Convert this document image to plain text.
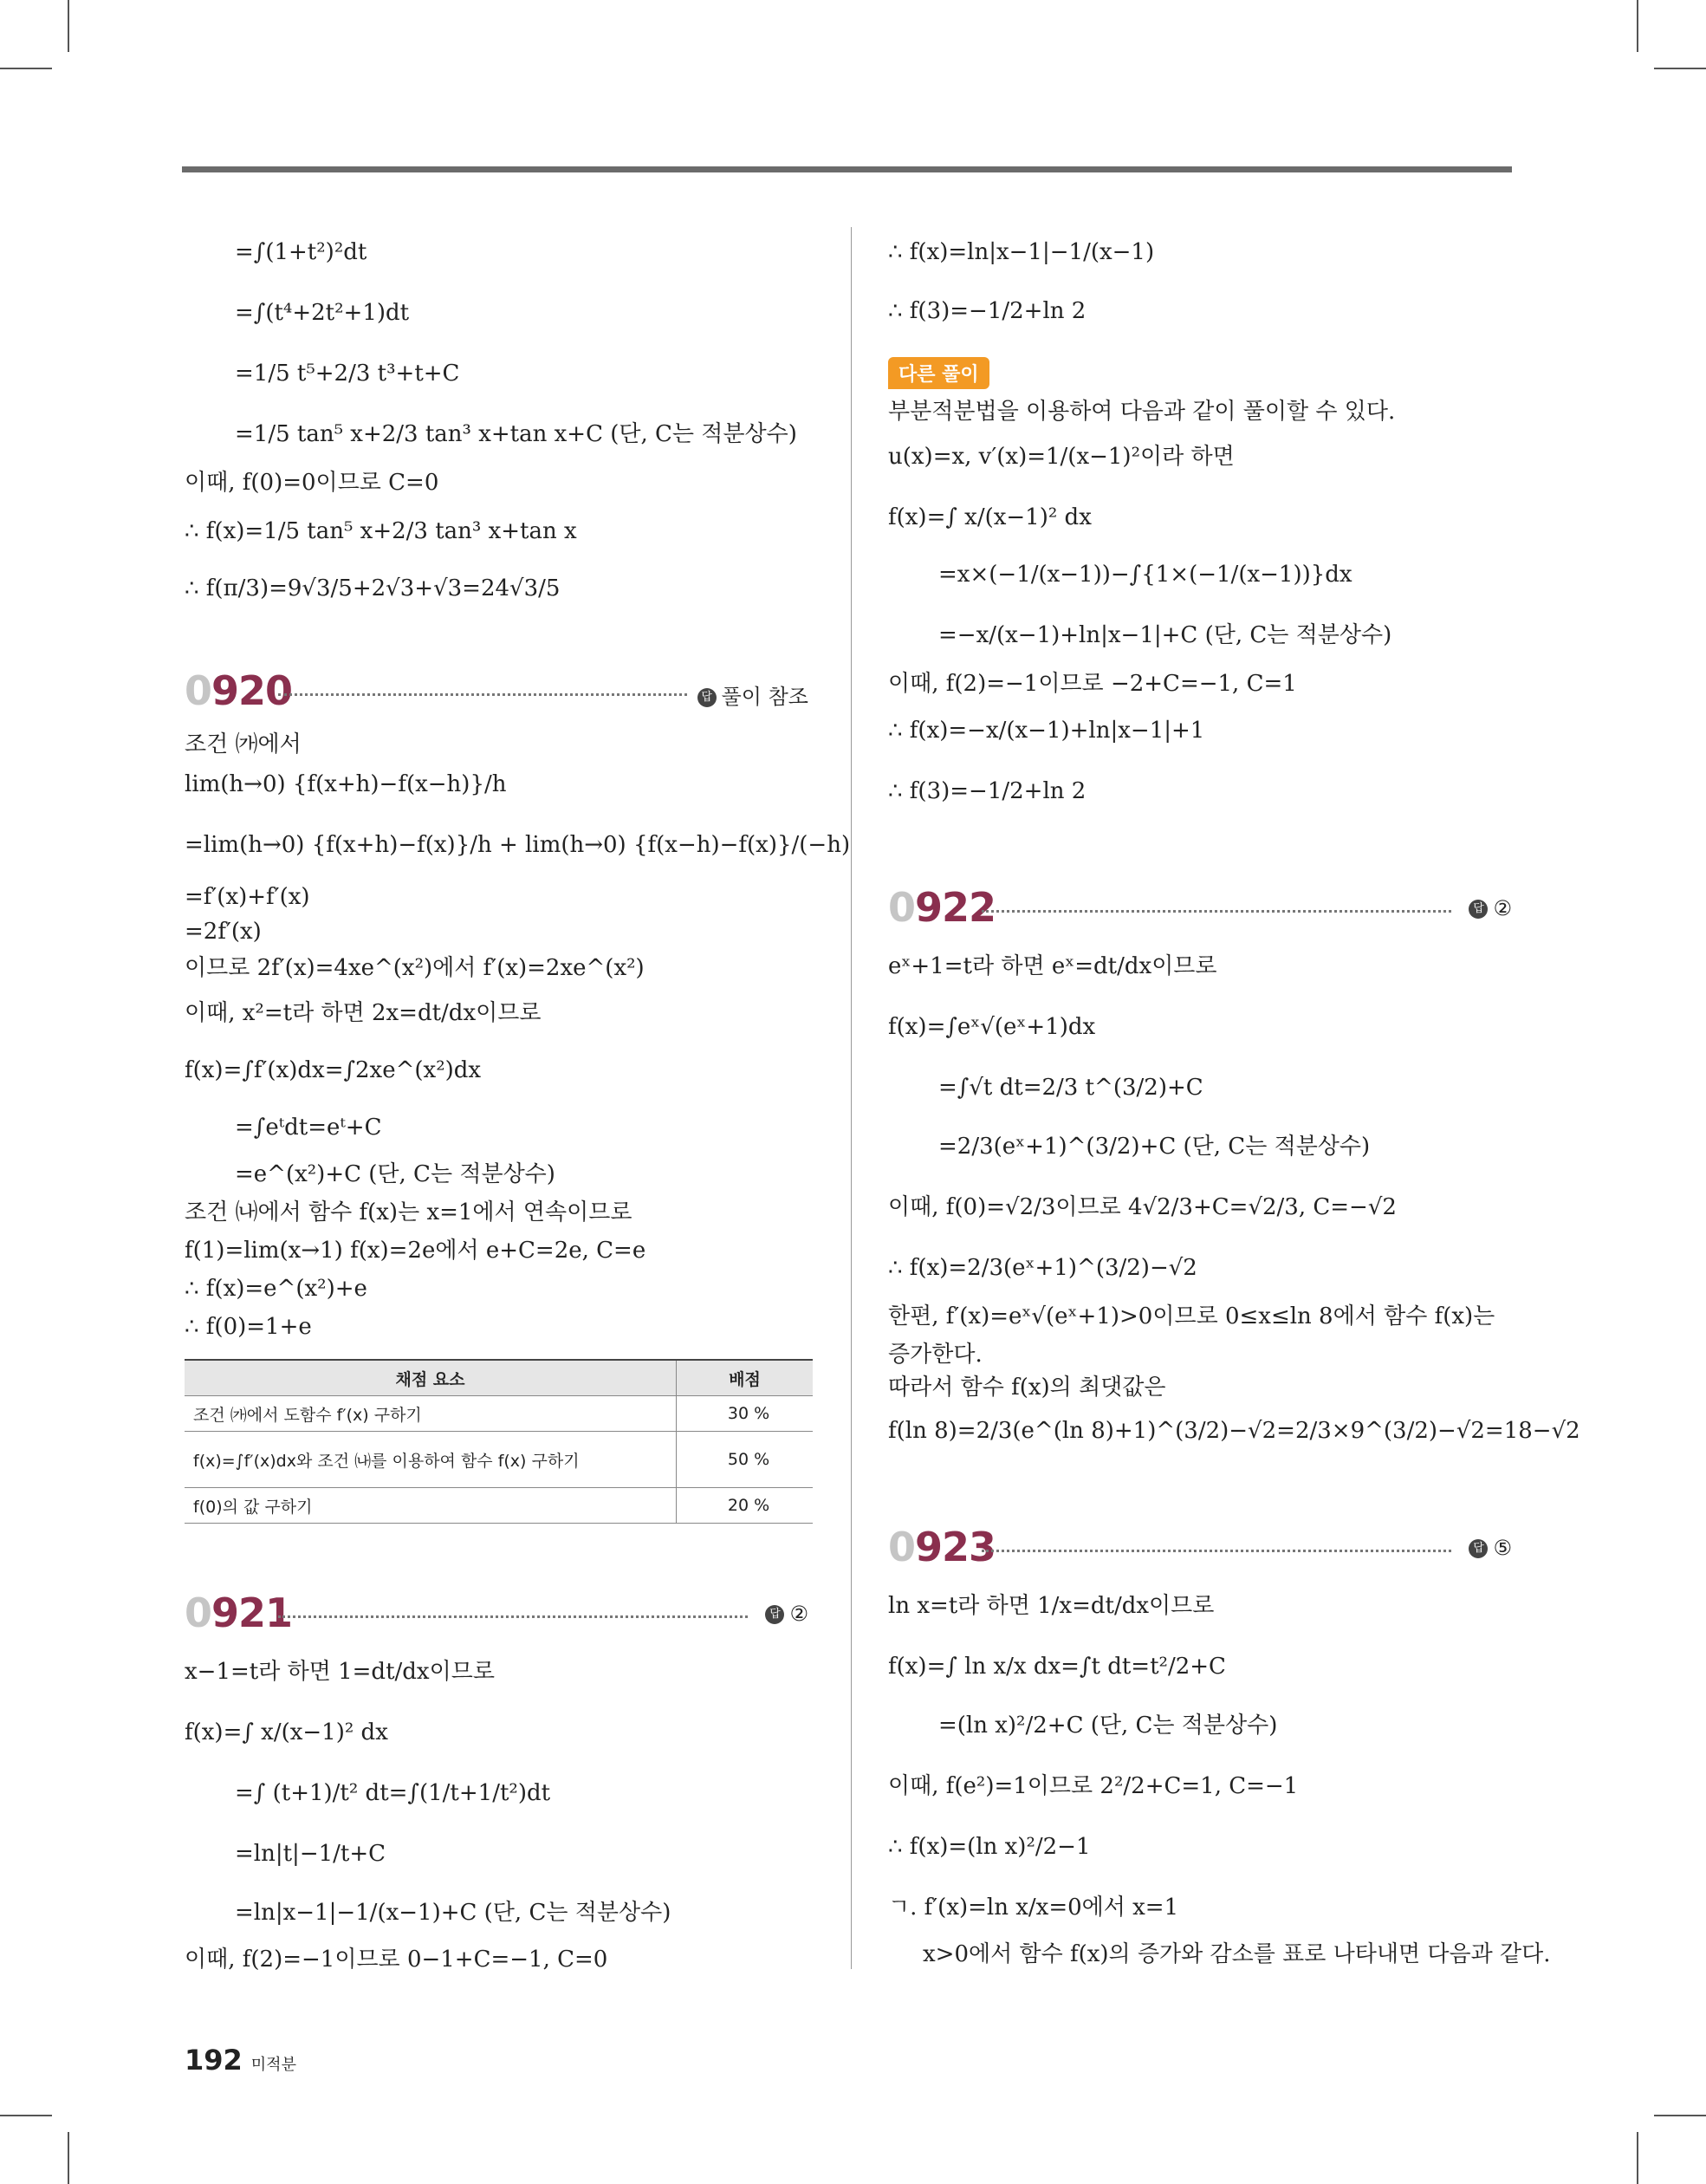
=∫(1+t²)²dt
=∫(t⁴+2t²+1)dt
=1/5 t⁵+2/3 t³+t+C
=1/5 tan⁵ x+2/3 tan³ x+tan x+C (단, C는 적분상수)
이때, f(0)=0이므로 C=0
∴ f(x)=1/5 tan⁵ x+2/3 tan³ x+tan x
∴ f(π/3)=9√3/5+2√3+√3=24√3/5
0920	답 풀이 참조
조건 ㈎에서
lim(h→0) {f(x+h)−f(x−h)}/h
=lim(h→0) {f(x+h)−f(x)}/h + lim(h→0) {f(x−h)−f(x)}/(−h)
=f′(x)+f′(x)
=2f′(x)
이므로 2f′(x)=4xe^(x²)에서 f′(x)=2xe^(x²)
이때, x²=t라 하면 2x=dt/dx이므로
f(x)=∫f′(x)dx=∫2xe^(x²)dx
=∫eᵗdt=eᵗ+C
=e^(x²)+C (단, C는 적분상수)
조건 ㈏에서 함수 f(x)는 x=1에서 연속이므로
f(1)=lim(x→1) f(x)=2e에서 e+C=2e, C=e
∴ f(x)=e^(x²)+e
∴ f(0)=1+e
채점 요소	배점
조건 ㈎에서 도함수 f′(x) 구하기	30 %
f(x)=∫f′(x)dx와 조건 ㈏를 이용하여 함수 f(x) 구하기	50 %
f(0)의 값 구하기	20 %
0921	답 ②
x−1=t라 하면 1=dt/dx이므로
f(x)=∫ x/(x−1)² dx
=∫ (t+1)/t² dt=∫(1/t+1/t²)dt
=ln|t|−1/t+C
=ln|x−1|−1/(x−1)+C (단, C는 적분상수)
이때, f(2)=−1이므로 0−1+C=−1, C=0
∴ f(x)=ln|x−1|−1/(x−1)
∴ f(3)=−1/2+ln 2
다른 풀이
부분적분법을 이용하여 다음과 같이 풀이할 수 있다.
u(x)=x, v′(x)=1/(x−1)²이라 하면
f(x)=∫ x/(x−1)² dx
=x×(−1/(x−1))−∫{1×(−1/(x−1))}dx
=−x/(x−1)+ln|x−1|+C (단, C는 적분상수)
이때, f(2)=−1이므로 −2+C=−1, C=1
∴ f(x)=−x/(x−1)+ln|x−1|+1
∴ f(3)=−1/2+ln 2
0922	답 ②
eˣ+1=t라 하면 eˣ=dt/dx이므로
f(x)=∫eˣ√(eˣ+1)dx
=∫√t dt=2/3 t^(3/2)+C
=2/3(eˣ+1)^(3/2)+C (단, C는 적분상수)
이때, f(0)=√2/3이므로 4√2/3+C=√2/3, C=−√2
∴ f(x)=2/3(eˣ+1)^(3/2)−√2
한편, f′(x)=eˣ√(eˣ+1)>0이므로 0≤x≤ln 8에서 함수 f(x)는
증가한다.
따라서 함수 f(x)의 최댓값은
f(ln 8)=2/3(e^(ln 8)+1)^(3/2)−√2=2/3×9^(3/2)−√2=18−√2
0923	답 ⑤
ln x=t라 하면 1/x=dt/dx이므로
f(x)=∫ ln x/x dx=∫t dt=t²/2+C
=(ln x)²/2+C (단, C는 적분상수)
이때, f(e²)=1이므로 2²/2+C=1, C=−1
∴ f(x)=(ln x)²/2−1
ㄱ. f′(x)=ln x/x=0에서 x=1
x>0에서 함수 f(x)의 증가와 감소를 표로 나타내면 다음과 같다.
192 미적분
